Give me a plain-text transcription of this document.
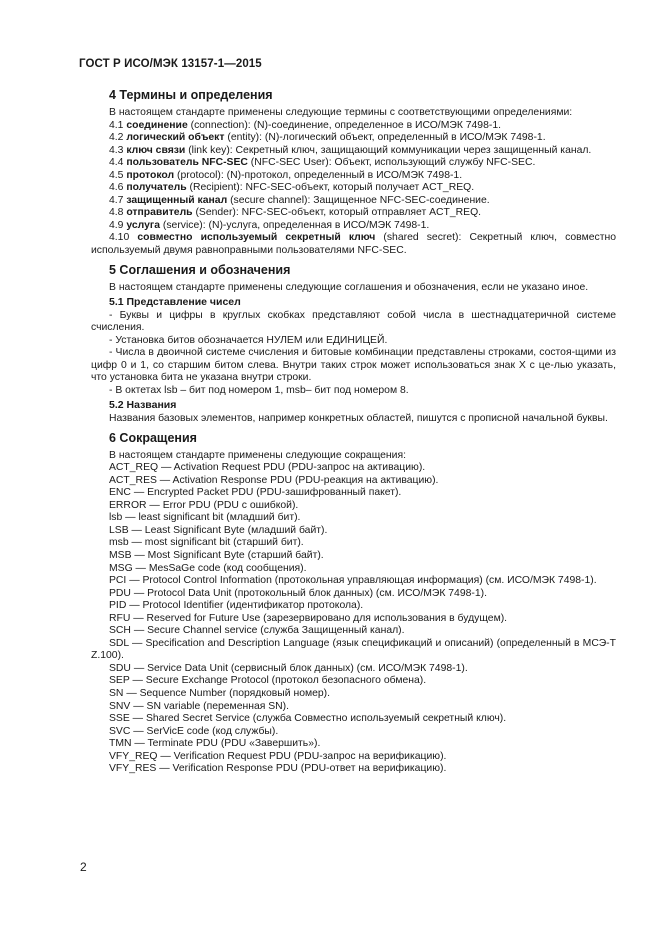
ГОСТ Р ИСО/МЭК 13157-1—2015
4 Термины и определения

В настоящем стандарте применены следующие термины с соответствующими определениями:

4.1 соединение (connection): (N)-соединение, определенное в ИСО/МЭК 7498-1.

4.2 логический объект (entity): (N)-логический объект, определенный в ИСО/МЭК 7498-1.

4.3 ключ связи (link key): Секретный ключ, защищающий коммуникации через защищенный канал.

4.4 пользователь NFC-SEC (NFC-SEC User): Объект, использующий службу NFC-SEC.

4.5 протокол (protocol): (N)-протокол, определенный в ИСО/МЭК 7498-1.

4.6 получатель (Recipient): NFC-SEC-объект, который получает ACT_REQ.

4.7 защищенный канал (secure channel): Защищенное NFC-SEC-соединение.

4.8 отправитель (Sender): NFC-SEC-объект, который отправляет ACT_REQ.

4.9 услуга (service): (N)-услуга, определенная в ИСО/МЭК 7498-1.

4.10 совместно используемый секретный ключ (shared secret): Секретный ключ, совместно используемый двумя равноправными пользователями NFC-SEC.

5 Соглашения и обозначения

В настоящем стандарте применены следующие соглашения и обозначения, если не указано иное.

5.1 Представление чисел

- Буквы и цифры в круглых скобках представляют собой числа в шестнадцатеричной системе счисления.

- Установка битов обозначается НУЛЕМ или ЕДИНИЦЕЙ.

- Числа в двоичной системе счисления и битовые комбинации представлены строками, состоя-щими из цифр 0 и 1, со старшим битом слева. Внутри таких строк может использоваться знак X с це-лью указать, что установка бита не указана внутри строки.

- В октетах lsb – бит под номером 1, msb– бит под номером 8.

5.2 Названия

Названия базовых элементов, например конкретных областей, пишутся с прописной начальной буквы.

6 Сокращения

В настоящем стандарте применены следующие сокращения:

ACT_REQ — Activation Request PDU (PDU-запрос на активацию).

ACT_RES — Activation Response PDU (PDU-реакция на активацию).

ENC — Encrypted Packet PDU (PDU-зашифрованный пакет).

ERROR — Error PDU (PDU с ошибкой).

lsb — least significant bit (младший бит).

LSB — Least Significant Byte (младший байт).

msb — most significant bit (старший бит).

MSB — Most Significant Byte (старший байт).

MSG — MesSaGe code (код сообщения).

PCI — Protocol Control Information (протокольная управляющая информация) (см. ИСО/МЭК 7498-1).

PDU — Protocol Data Unit (протокольный блок данных) (см. ИСО/МЭК 7498-1).

PID — Protocol Identifier (идентификатор протокола).

RFU — Reserved for Future Use (зарезервировано для использования в будущем).

SCH — Secure Channel service (служба Защищенный канал).

SDL — Specification and Description Language (язык спецификаций и описаний) (определенный в МСЭ-Т Z.100).

SDU — Service Data Unit (сервисный блок данных) (см. ИСО/МЭК 7498-1).

SEP — Secure Exchange Protocol (протокол безопасного обмена).

SN — Sequence Number (порядковый номер).

SNV — SN variable (переменная SN).

SSE — Shared Secret Service (служба Совместно используемый секретный ключ).

SVC — SerVicE code (код службы).

TMN — Terminate PDU (PDU «Завершить»).

VFY_REQ — Verification Request PDU (PDU-запрос на верификацию).

VFY_RES — Verification Response PDU (PDU-ответ на верификацию).

2
